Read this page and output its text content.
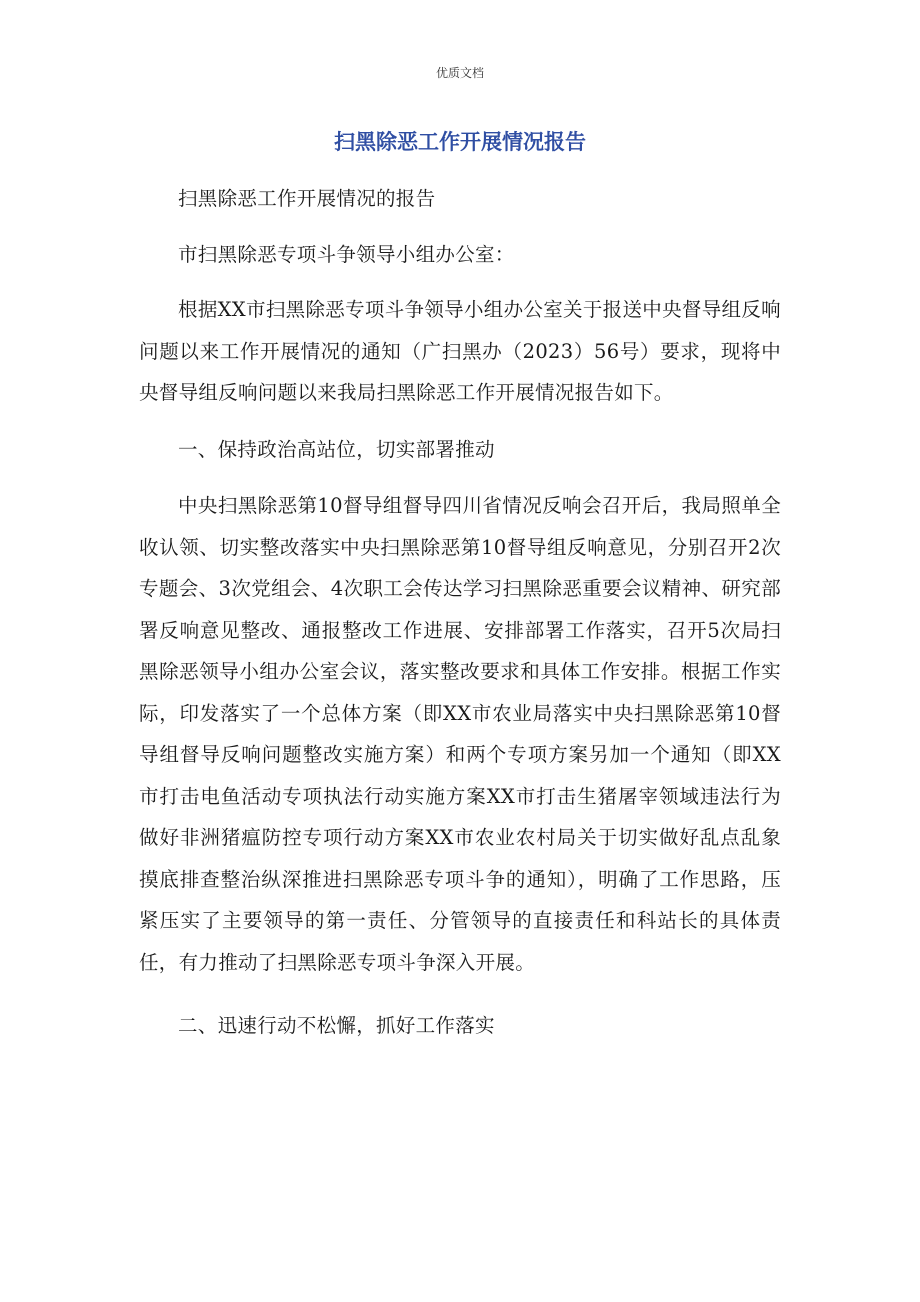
优质文档
扫黑除恶工作开展情况报告

扫黑除恶工作开展情况的报告

市扫黑除恶专项斗争领导小组办公室：

根据XX市扫黑除恶专项斗争领导小组办公室关于报送中央督导组反响问题以来工作开展情况的通知（广扫黑办（2023）56号）要求，现将中央督导组反响问题以来我局扫黑除恶工作开展情况报告如下。

一、保持政治高站位，切实部署推动

中央扫黑除恶第10督导组督导四川省情况反响会召开后，我局照单全收认领、切实整改落实中央扫黑除恶第10督导组反响意见，分别召开2次专题会、3次党组会、4次职工会传达学习扫黑除恶重要会议精神、研究部署反响意见整改、通报整改工作进展、安排部署工作落实，召开5次局扫黑除恶领导小组办公室会议，落实整改要求和具体工作安排。根据工作实际，印发落实了一个总体方案（即XX市农业局落实中央扫黑除恶第10督导组督导反响问题整改实施方案）和两个专项方案另加一个通知（即XX市打击电鱼活动专项执法行动实施方案XX市打击生猪屠宰领域违法行为做好非洲猪瘟防控专项行动方案XX市农业农村局关于切实做好乱点乱象摸底排查整治纵深推进扫黑除恶专项斗争的通知），明确了工作思路，压紧压实了主要领导的第一责任、分管领导的直接责任和科站长的具体责任，有力推动了扫黑除恶专项斗争深入开展。

二、迅速行动不松懈，抓好工作落实
